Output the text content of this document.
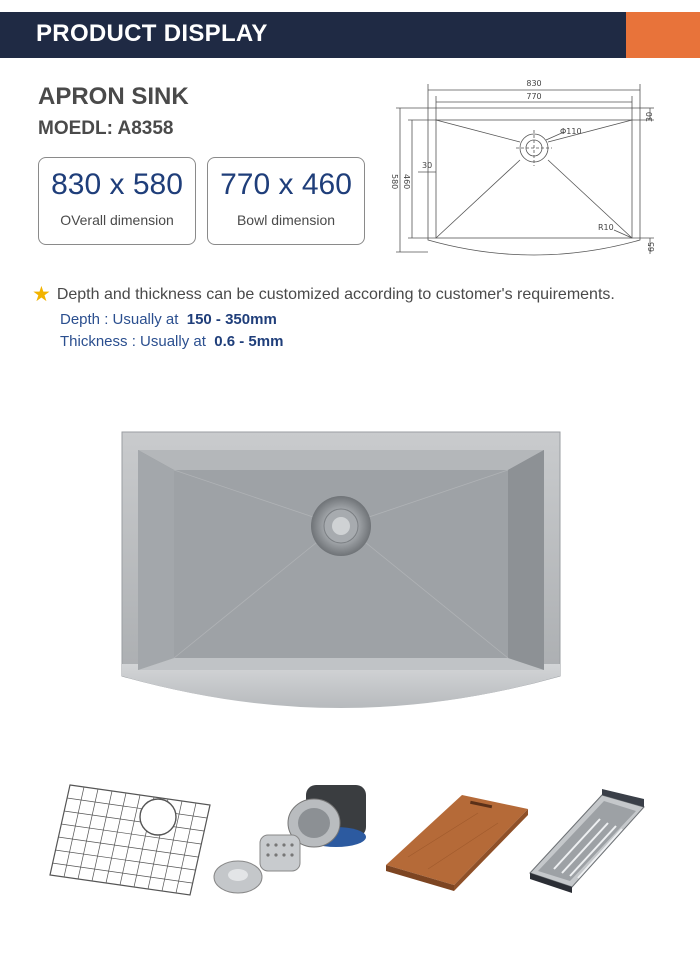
PRODUCT DISPLAY
APRON SINK
MOEDL: A8358
830 x 580
OVerall dimension
770 x 460
Bowl dimension
830
770
Φ110
30
R10
580 460
30
65
★ Depth and thickness can be customized according to customer's requirements.
Depth : Usually at 150 - 350mm
Thickness : Usually at 0.6 - 5mm
